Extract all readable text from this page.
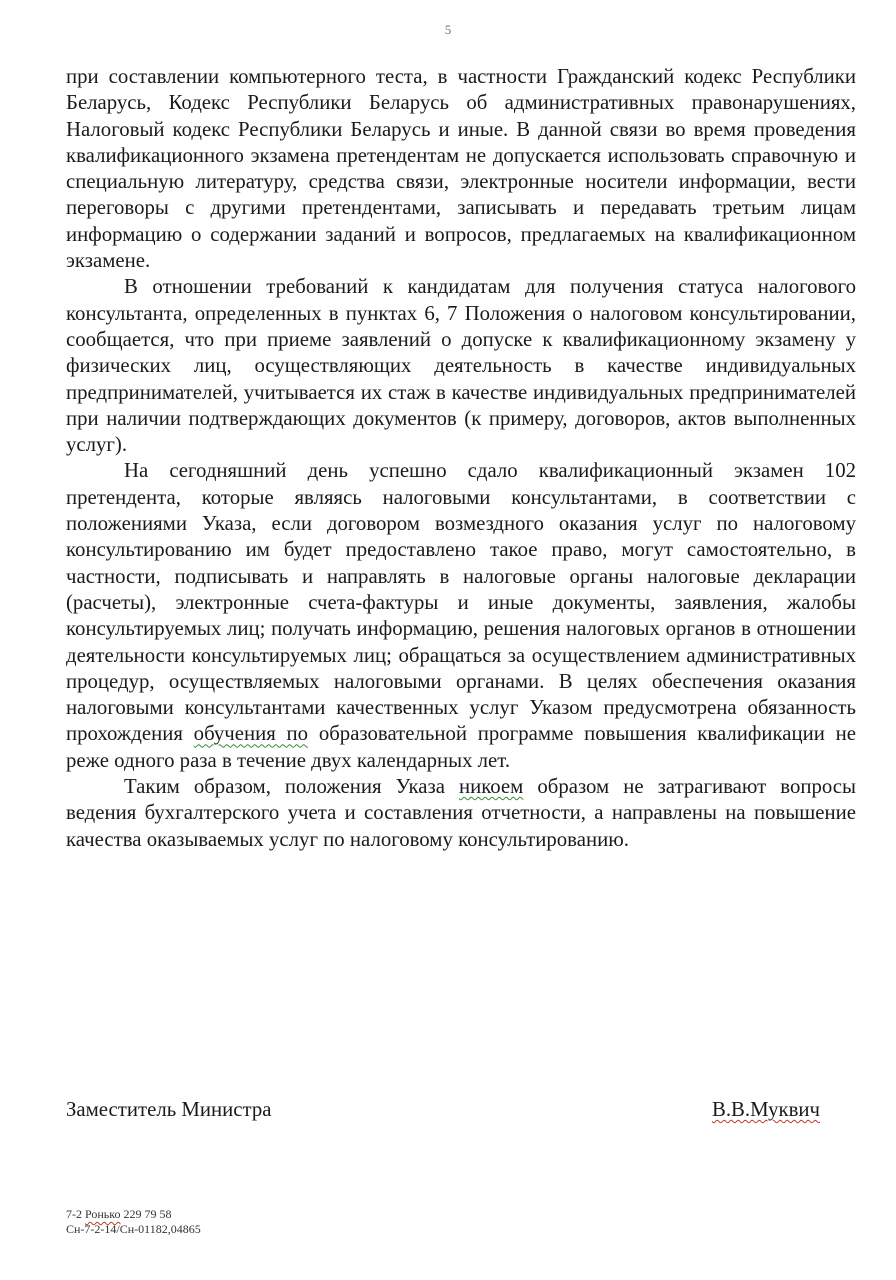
5

при составлении компьютерного теста, в частности Гражданский кодекс Республики Беларусь, Кодекс Республики Беларусь об административных правонарушениях, Налоговый кодекс Республики Беларусь и иные. В данной связи во время проведения квалификационного экзамена претендентам не допускается использовать справочную и специальную литературу, средства связи, электронные носители информации, вести переговоры с другими претендентами, записывать и передавать третьим лицам информацию о содержании заданий и вопросов, предлагаемых на квалификационном экзамене.

В отношении требований к кандидатам для получения статуса налогового консультанта, определенных в пунктах 6, 7 Положения о налоговом консультировании, сообщается, что при приеме заявлений о допуске к квалификационному экзамену у физических лиц, осуществляющих деятельность в качестве индивидуальных предпринимателей, учитывается их стаж в качестве индивидуальных предпринимателей при наличии подтверждающих документов (к примеру, договоров, актов выполненных услуг).

На сегодняшний день успешно сдало квалификационный экзамен 102 претендента, которые являясь налоговыми консультантами, в соответствии с положениями Указа, если договором возмездного оказания услуг по налоговому консультированию им будет предоставлено такое право, могут самостоятельно, в частности, подписывать и направлять в налоговые органы налоговые декларации (расчеты), электронные счета-фактуры и иные документы, заявления, жалобы консультируемых лиц; получать информацию, решения налоговых органов в отношении деятельности консультируемых лиц; обращаться за осуществлением административных процедур, осуществляемых налоговыми органами. В целях обеспечения оказания налоговыми консультантами качественных услуг Указом предусмотрена обязанность прохождения обучения по образовательной программе повышения квалификации не реже одного раза в течение двух календарных лет.

Таким образом, положения Указа никоем образом не затрагивают вопросы ведения бухгалтерского учета и составления отчетности, а направлены на повышение качества оказываемых услуг по налоговому консультированию.

Заместитель Министра	В.В.Муквич
7-2 Ронько 229 79 58
Сн-7-2-14/Сн-01182,04865
